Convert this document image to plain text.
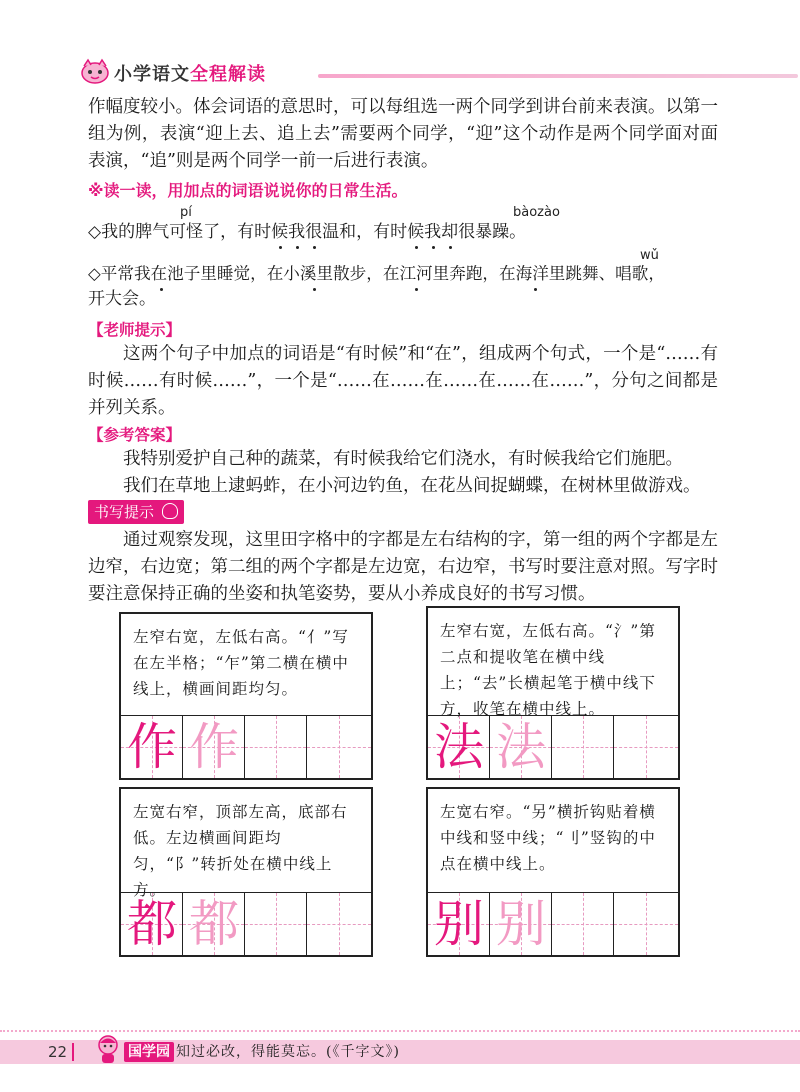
小学语文全程解读
作幅度较小。体会词语的意思时，可以每组选一两个同学到讲台前来表演。以第一组为例，表演“迎上去、追上去”需要两个同学，“迎”这个动作是两个同学面对面表演，“追”则是两个同学一前一后进行表演。
※读一读，用加点的词语说说你的日常生活。
pí	bàozào
◇我的脾气可怪了，有时候我很温和，有时候我却很暴躁。
wǔ
◇平常我在池子里睡觉，在小溪里散步，在江河里奔跑，在海洋里跳舞、唱歌，
开大会。
【老师提示】
这两个句子中加点的词语是“有时候”和“在”，组成两个句式，一个是“……有时候……有时候……”，一个是“……在……在……在……在……”，分句之间都是并列关系。
【参考答案】
我特别爱护自己种的蔬菜，有时候我给它们浇水，有时候我给它们施肥。
我们在草地上逮蚂蚱，在小河边钓鱼，在花丛间捉蝴蝶，在树林里做游戏。
书写提示
通过观察发现，这里田字格中的字都是左右结构的字，第一组的两个字都是左边窄，右边宽；第二组的两个字都是左边宽，右边窄，书写时要注意对照。写字时要注意保持正确的坐姿和执笔姿势，要从小养成良好的书写习惯。
左窄右宽，左低右高。“亻”写在左半格；“乍”第二横在横中线上，横画间距均匀。
作 作
左窄右宽，左低右高。“氵”第二点和提收笔在横中线上；“去”长横起笔于横中线下方，收笔在横中线上。
法 法
左宽右窄，顶部左高，底部右低。左边横画间距均匀，“阝”转折处在横中线上方。
都 都
左宽右窄。“另”横折钩贴着横中线和竖中线；“刂”竖钩的中点在横中线上。
别 别
22	国学园 知过必改，得能莫忘。(《千字文》)
